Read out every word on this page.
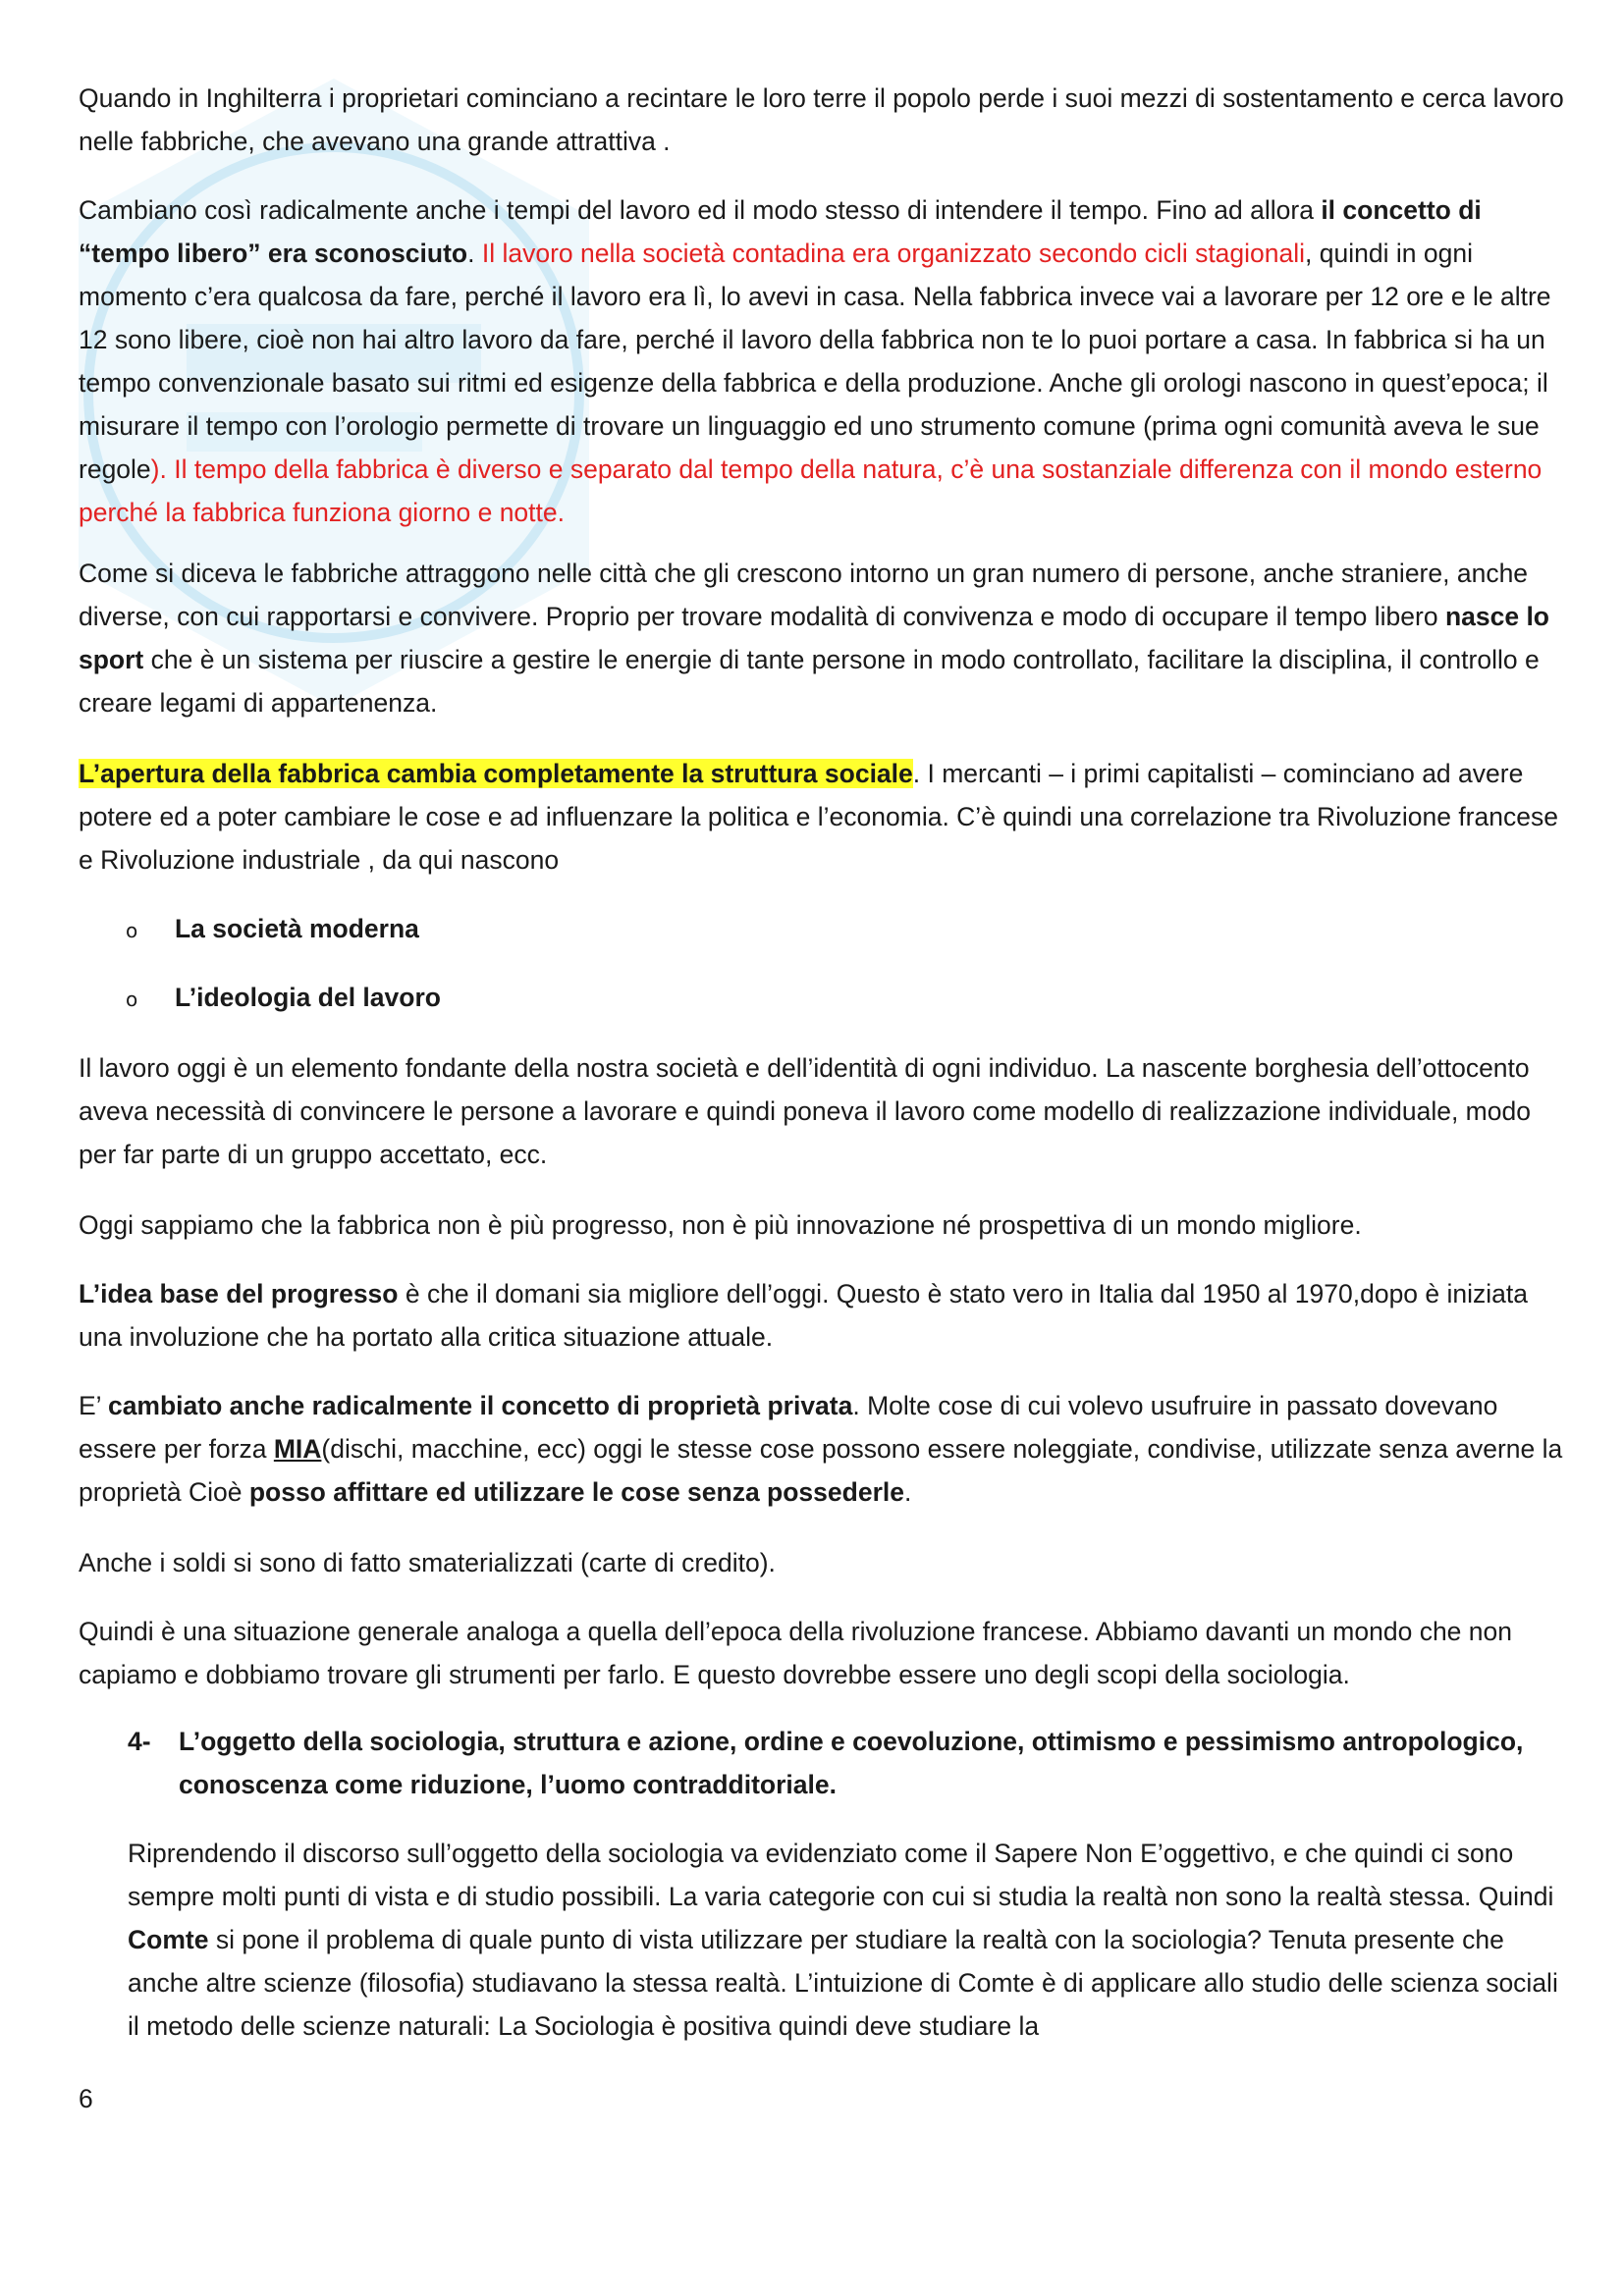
Quando in Inghilterra i proprietari cominciano a recintare le loro terre il popolo perde i suoi mezzi di sostentamento e cerca lavoro nelle fabbriche, che avevano una grande attrattiva .

Cambiano così radicalmente anche i tempi del lavoro ed il modo stesso di intendere il tempo. Fino ad allora il concetto di “tempo libero” era sconosciuto. Il lavoro nella società contadina era organizzato secondo cicli stagionali, quindi in ogni momento c’era qualcosa da fare, perché il lavoro era lì, lo avevi in casa. Nella fabbrica invece vai a lavorare per 12 ore e le altre 12 sono libere, cioè non hai altro lavoro da fare, perché il lavoro della fabbrica non te lo puoi portare a casa. In fabbrica si ha un tempo convenzionale basato sui ritmi ed esigenze della fabbrica e della produzione. Anche gli orologi nascono in quest’epoca; il misurare il tempo con l’orologio permette di trovare un linguaggio ed uno strumento comune (prima ogni comunità aveva le sue regole). Il tempo della fabbrica è diverso e separato dal tempo della natura, c’è una sostanziale differenza con il mondo esterno perché la fabbrica funziona giorno e notte.

Come si diceva le fabbriche attraggono nelle città che gli crescono intorno un gran numero di persone, anche straniere, anche diverse, con cui rapportarsi e convivere. Proprio per trovare modalità di convivenza e modo di occupare il tempo libero nasce lo sport che è un sistema per riuscire a gestire le energie di tante persone in modo controllato, facilitare la disciplina, il controllo e creare legami di appartenenza.

L’apertura della fabbrica cambia completamente la struttura sociale. I mercanti – i primi capitalisti – cominciano ad avere potere ed a poter cambiare le cose e ad influenzare la politica e l’economia. C’è quindi una correlazione tra Rivoluzione francese e Rivoluzione industriale , da qui nascono

o La società moderna
o L’ideologia del lavoro

Il lavoro oggi è un elemento fondante della nostra società e dell’identità di ogni individuo. La nascente borghesia dell’ottocento aveva necessità di convincere le persone a lavorare e quindi poneva il lavoro come modello di realizzazione individuale, modo per far parte di un gruppo accettato, ecc.

Oggi sappiamo che la fabbrica non è più progresso, non è più innovazione né prospettiva di un mondo migliore.

L’idea base del progresso è che il domani sia migliore dell’oggi. Questo è stato vero in Italia dal 1950 al 1970,dopo è iniziata una involuzione che ha portato alla critica situazione attuale.

E’ cambiato anche radicalmente il concetto di proprietà privata. Molte cose di cui volevo usufruire in passato dovevano essere per forza MIA(dischi, macchine, ecc) oggi le stesse cose possono essere noleggiate, condivise, utilizzate senza averne la proprietà Cioè posso affittare ed utilizzare le cose senza possederle.

Anche i soldi si sono di fatto smaterializzati (carte di credito).

Quindi è una situazione generale analoga a quella dell’epoca della rivoluzione francese. Abbiamo davanti un mondo che non capiamo e dobbiamo trovare gli strumenti per farlo. E questo dovrebbe essere uno degli scopi della sociologia.

4-	L’oggetto della sociologia, struttura e azione, ordine e coevoluzione, ottimismo e pessimismo antropologico, conoscenza come riduzione, l’uomo contradditoriale.

Riprendendo il discorso sull’oggetto della sociologia va evidenziato come il Sapere Non E’oggettivo, e che quindi ci sono sempre molti punti di vista e di studio possibili. La varia categorie con cui si studia la realtà non sono la realtà stessa. Quindi Comte si pone il problema di quale punto di vista utilizzare per studiare la realtà con la sociologia? Tenuta presente che anche altre scienze (filosofia) studiavano la stessa realtà. L’intuizione di Comte è di applicare allo studio delle scienza sociali il metodo delle scienze naturali: La Sociologia è positiva quindi deve studiare la

6
